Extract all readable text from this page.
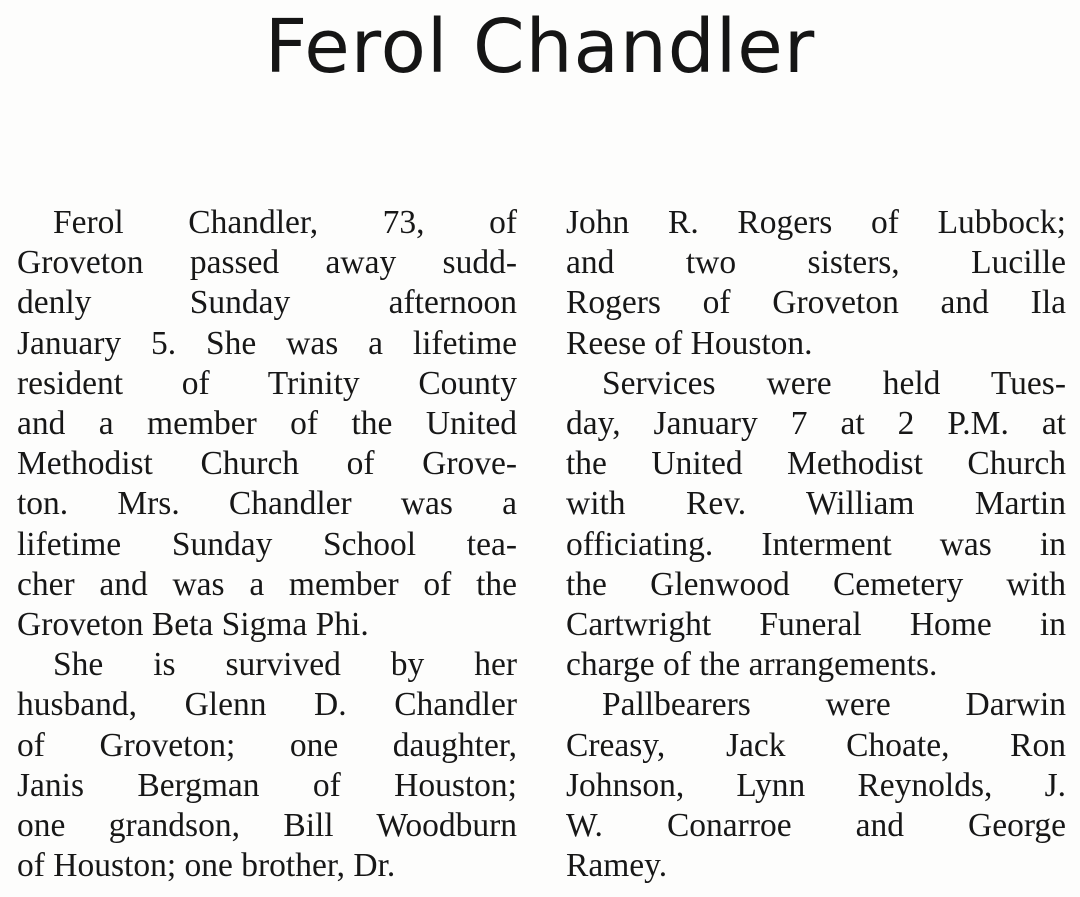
Ferol Chandler
Ferol Chandler, 73, of
Groveton passed away sudd-
denly Sunday afternoon
January 5. She was a lifetime
resident of Trinity County
and a member of the United
Methodist Church of Grove-
ton. Mrs. Chandler was a
lifetime Sunday School tea-
cher and was a member of the
Groveton Beta Sigma Phi.
She is survived by her
husband, Glenn D. Chandler
of Groveton; one daughter,
Janis Bergman of Houston;
one grandson, Bill Woodburn
of Houston; one brother, Dr.
John R. Rogers of Lubbock;
and two sisters, Lucille
Rogers of Groveton and Ila
Reese of Houston.
Services were held Tues-
day, January 7 at 2 P.M. at
the United Methodist Church
with Rev. William Martin
officiating. Interment was in
the Glenwood Cemetery with
Cartwright Funeral Home in
charge of the arrangements.
Pallbearers were Darwin
Creasy, Jack Choate, Ron
Johnson, Lynn Reynolds, J.
W. Conarroe and George
Ramey.
